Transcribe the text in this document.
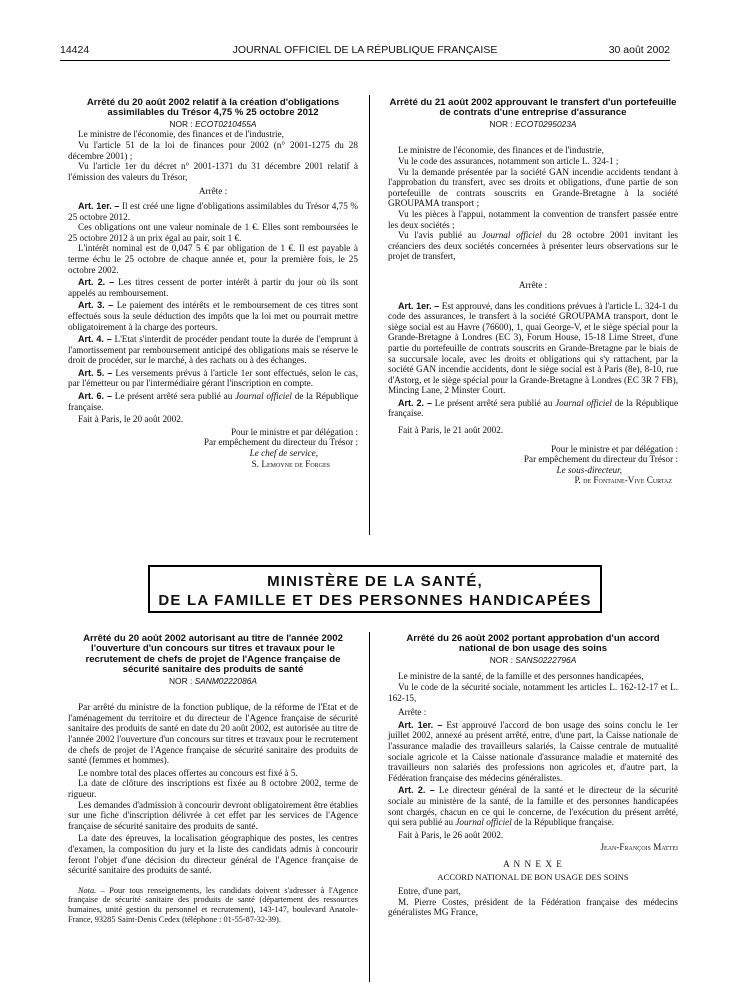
14424	JOURNAL OFFICIEL DE LA RÉPUBLIQUE FRANÇAISE	30 août 2002

Arrêté du 20 août 2002 relatif à la création d'obligations assimilables du Trésor 4,75 % 25 octobre 2012

NOR : ECOT0210455A

Le ministre de l'économie, des finances et de l'industrie,

Vu l'article 51 de la loi de finances pour 2002 (n° 2001-1275 du 28 décembre 2001) ;

Vu l'article 1er du décret n° 2001-1371 du 31 décembre 2001 relatif à l'émission des valeurs du Trésor,

Arrête :

Art. 1er. – Il est créé une ligne d'obligations assimilables du Trésor 4,75 % 25 octobre 2012.

Ces obligations ont une valeur nominale de 1 €. Elles sont remboursées le 25 octobre 2012 à un prix égal au pair, soit 1 €.

L'intérêt nominal est de 0,047 5 € par obligation de 1 €. Il est payable à terme échu le 25 octobre de chaque année et, pour la première fois, le 25 octobre 2002.

Art. 2. – Les titres cessent de porter intérêt à partir du jour où ils sont appelés au remboursement.

Art. 3. – Le paiement des intérêts et le remboursement de ces titres sont effectués sous la seule déduction des impôts que la loi met ou pourrait mettre obligatoirement à la charge des porteurs.

Art. 4. – L'Etat s'interdit de procéder pendant toute la durée de l'emprunt à l'amortissement par remboursement anticipé des obligations mais se réserve le droit de procéder, sur le marché, à des rachats ou à des échanges.

Art. 5. – Les versements prévus à l'article 1er sont effectués, selon le cas, par l'émetteur ou par l'intermédiaire gérant l'inscription en compte.

Art. 6. – Le présent arrêté sera publié au Journal officiel de la République française.

Fait à Paris, le 20 août 2002.

Pour le ministre et par délégation :

Par empêchement du directeur du Trésor :

Le chef de service,

S. Lemoyne de Forges

Arrêté du 21 août 2002 approuvant le transfert d'un portefeuille de contrats d'une entreprise d'assurance

NOR : ECOT0295023A

Le ministre de l'économie, des finances et de l'industrie,

Vu le code des assurances, notamment son article L. 324-1 ;

Vu la demande présentée par la société GAN incendie accidents tendant à l'approbation du transfert, avec ses droits et obligations, d'une partie de son portefeuille de contrats souscrits en Grande-Bretagne à la société GROUPAMA transport ;

Vu les pièces à l'appui, notamment la convention de transfert passée entre les deux sociétés ;

Vu l'avis publié au Journal officiel du 28 octobre 2001 invitant les créanciers des deux sociétés concernées à présenter leurs observations sur le projet de transfert,

Arrête :

Art. 1er. – Est approuvé, dans les conditions prévues à l'article L. 324-1 du code des assurances, le transfert à la société GROUPAMA transport, dont le siège social est au Havre (76600), 1, quai George-V, et le siège spécial pour la Grande-Bretagne à Londres (EC 3), Forum House, 15-18 Lime Street, d'une partie du portefeuille de contrats souscrits en Grande-Bretagne par le biais de sa succursale locale, avec les droits et obligations qui s'y rattachent, par la société GAN incendie accidents, dont le siège social est à Paris (8e), 8-10, rue d'Astorg, et le siège spécial pour la Grande-Bretagne à Londres (EC 3R 7 FB), Mincing Lane, 2 Minster Court.

Art. 2. – Le présent arrêté sera publié au Journal officiel de la République française.

Fait à Paris, le 21 août 2002.

Pour le ministre et par délégation :

Par empêchement du directeur du Trésor :

Le sous-directeur,

P. de Fontaine-Vive Curtaz

MINISTÈRE DE LA SANTÉ,
DE LA FAMILLE ET DES PERSONNES HANDICAPÉES

Arrêté du 20 août 2002 autorisant au titre de l'année 2002 l'ouverture d'un concours sur titres et travaux pour le recrutement de chefs de projet de l'Agence française de sécurité sanitaire des produits de santé

NOR : SANM0222086A

Par arrêté du ministre de la fonction publique, de la réforme de l'Etat et de l'aménagement du territoire et du directeur de l'Agence française de sécurité sanitaire des produits de santé en date du 20 août 2002, est autorisée au titre de l'année 2002 l'ouverture d'un concours sur titres et travaux pour le recrutement de chefs de projet de l'Agence française de sécurité sanitaire des produits de santé (femmes et hommes).

Le nombre total des places offertes au concours est fixé à 5.

La date de clôture des inscriptions est fixée au 8 octobre 2002, terme de rigueur.

Les demandes d'admission à concourir devront obligatoirement être établies sur une fiche d'inscription délivrée à cet effet par les services de l'Agence française de sécurité sanitaire des produits de santé.

La date des épreuves, la localisation géographique des postes, les centres d'examen, la composition du jury et la liste des candidats admis à concourir feront l'objet d'une décision du directeur général de l'Agence française de sécurité sanitaire des produits de santé.

Nota. – Pour tous renseignements, les candidats doivent s'adresser à l'Agence française de sécurité sanitaire des produits de santé (département des ressources humaines, unité gestion du personnel et recrutement), 143-147, boulevard Anatole-France, 93285 Saint-Denis Cedex (téléphone : 01-55-87-32-39).

Arrêté du 26 août 2002 portant approbation d'un accord national de bon usage des soins

NOR : SANS0222796A

Le ministre de la santé, de la famille et des personnes handicapées,

Vu le code de la sécurité sociale, notamment les articles L. 162-12-17 et L. 162-15,

Arrête :

Art. 1er. – Est approuvé l'accord de bon usage des soins conclu le 1er juillet 2002, annexé au présent arrêté, entre, d'une part, la Caisse nationale de l'assurance maladie des travailleurs salariés, la Caisse centrale de mutualité sociale agricole et la Caisse nationale d'assurance maladie et maternité des travailleurs non salariés des professions non agricoles et, d'autre part, la Fédération française des médecins généralistes.

Art. 2. – Le directeur général de la santé et le directeur de la sécurité sociale au ministère de la santé, de la famille et des personnes handicapées sont chargés, chacun en ce qui le concerne, de l'exécution du présent arrêté, qui sera publié au Journal officiel de la République française.

Fait à Paris, le 26 août 2002.

Jean-François Mattei

A N N E X E

ACCORD NATIONAL DE BON USAGE DES SOINS

Entre, d'une part,

M. Pierre Costes, président de la Fédération française des médecins généralistes MG France,
